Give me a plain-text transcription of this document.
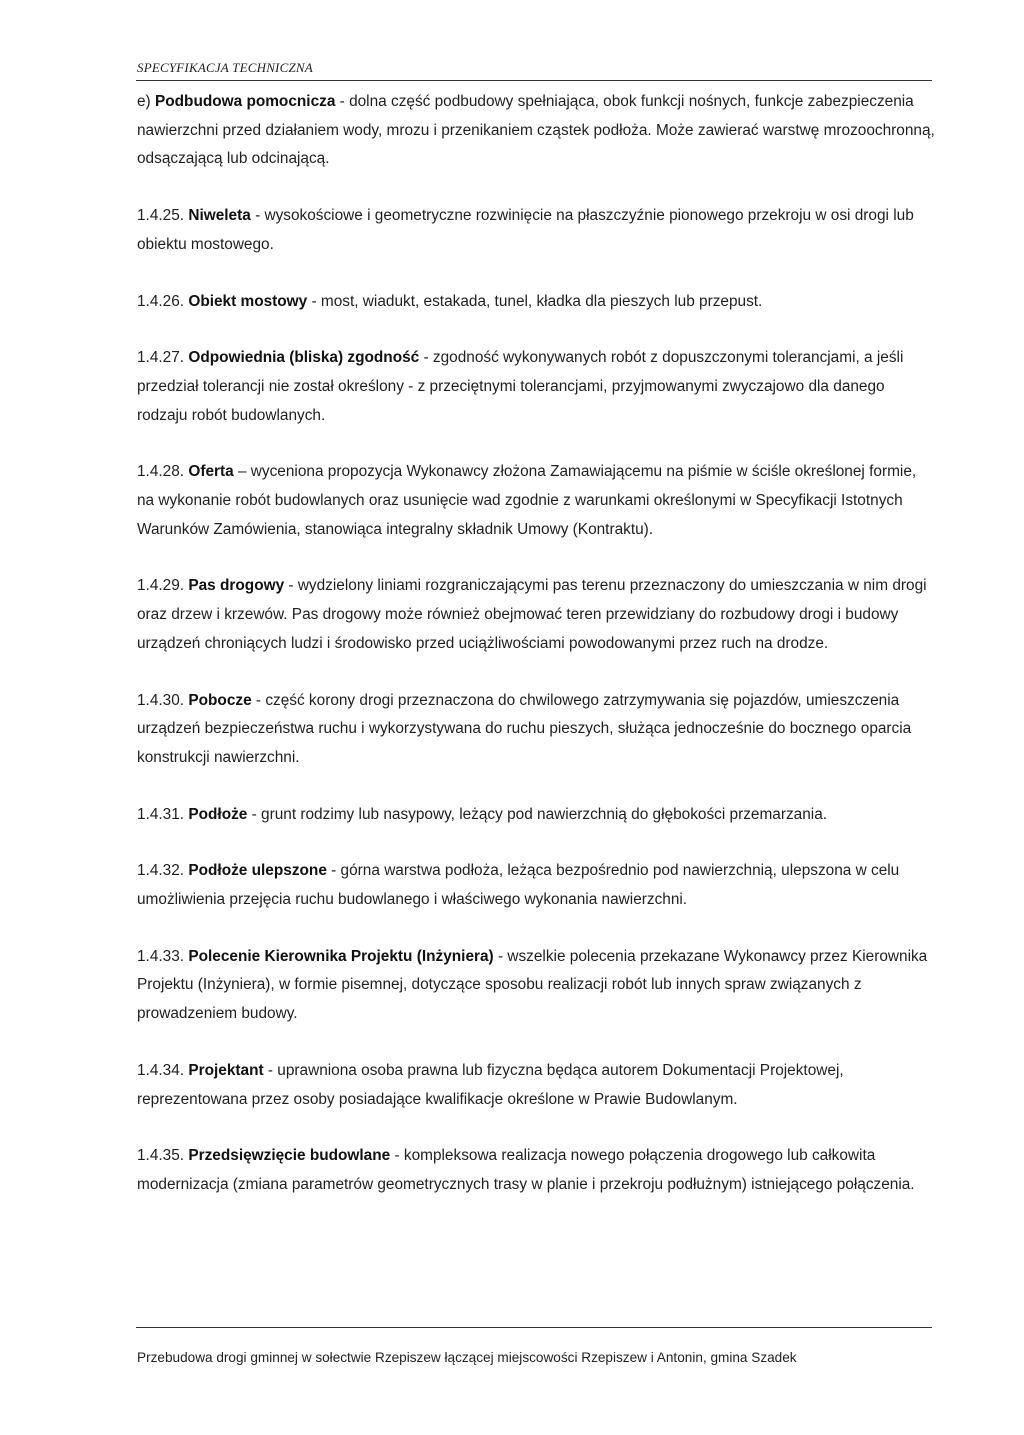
SPECYFIKACJA TECHNICZNA

e) Podbudowa pomocnicza - dolna część podbudowy spełniająca, obok funkcji nośnych, funkcje zabezpieczenia nawierzchni przed działaniem wody, mrozu i przenikaniem cząstek podłoża. Może zawierać warstwę mrozoochronną, odsączającą lub odcinającą.

1.4.25. Niweleta - wysokościowe i geometryczne rozwinięcie na płaszczyźnie pionowego przekroju w osi drogi lub obiektu mostowego.

1.4.26. Obiekt mostowy - most, wiadukt, estakada, tunel, kładka dla pieszych lub przepust.

1.4.27. Odpowiednia (bliska) zgodność - zgodność wykonywanych robót z dopuszczonymi tolerancjami, a jeśli przedział tolerancji nie został określony - z przeciętnymi tolerancjami, przyjmowanymi zwyczajowo dla danego rodzaju robót budowlanych.

1.4.28. Oferta – wyceniona propozycja Wykonawcy złożona Zamawiającemu na piśmie w ściśle określonej formie, na wykonanie robót budowlanych oraz usunięcie wad zgodnie z warunkami określonymi w Specyfikacji Istotnych Warunków Zamówienia, stanowiąca integralny składnik Umowy (Kontraktu).

1.4.29. Pas drogowy - wydzielony liniami rozgraniczającymi pas terenu przeznaczony do umieszczania w nim drogi oraz drzew i krzewów. Pas drogowy może również obejmować teren przewidziany do rozbudowy drogi i budowy urządzeń chroniących ludzi i środowisko przed uciążliwościami powodowanymi przez ruch na drodze.

1.4.30. Pobocze - część korony drogi przeznaczona do chwilowego zatrzymywania się pojazdów, umieszczenia urządzeń bezpieczeństwa ruchu i wykorzystywana do ruchu pieszych, służąca jednocześnie do bocznego oparcia konstrukcji nawierzchni.

1.4.31. Podłoże - grunt rodzimy lub nasypowy, leżący pod nawierzchnią do głębokości przemarzania.

1.4.32. Podłoże ulepszone - górna warstwa podłoża, leżąca bezpośrednio pod nawierzchnią, ulepszona w celu umożliwienia przejęcia ruchu budowlanego i właściwego wykonania nawierzchni.

1.4.33. Polecenie Kierownika Projektu (Inżyniera) - wszelkie polecenia przekazane Wykonawcy przez Kierownika Projektu (Inżyniera), w formie pisemnej, dotyczące sposobu realizacji robót lub innych spraw związanych z prowadzeniem budowy.

1.4.34. Projektant - uprawniona osoba prawna lub fizyczna będąca autorem Dokumentacji Projektowej, reprezentowana przez osoby posiadające kwalifikacje określone w Prawie Budowlanym.

1.4.35. Przedsięwzięcie budowlane - kompleksowa realizacja nowego połączenia drogowego lub całkowita modernizacja (zmiana parametrów geometrycznych trasy w planie i przekroju podłużnym) istniejącego połączenia.

Przebudowa drogi gminnej w sołectwie Rzepiszew łączącej miejscowości Rzepiszew i Antonin, gmina Szadek
